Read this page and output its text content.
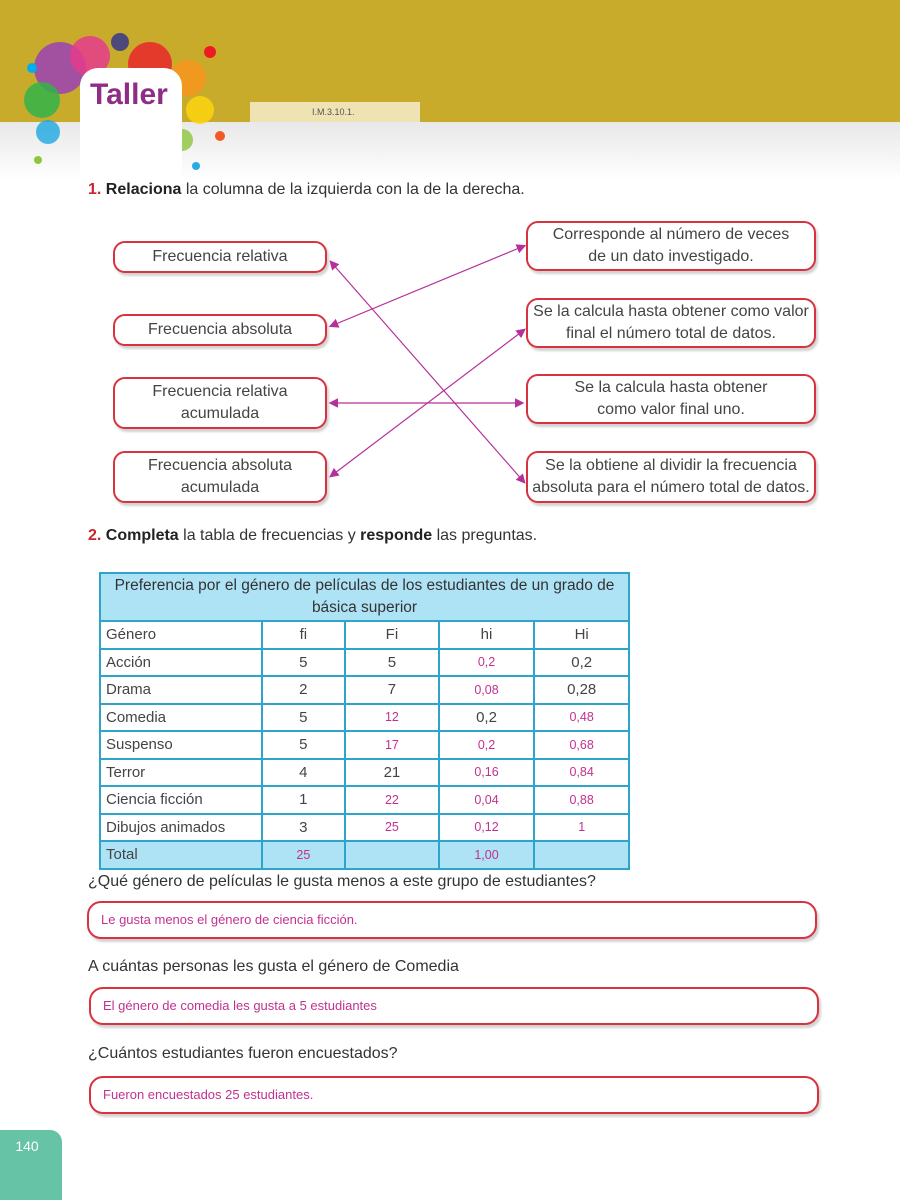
Taller
I.M.3.10.1.
1. Relaciona la columna de la izquierda con la de la derecha.
Frecuencia relativa
Frecuencia absoluta
Frecuencia relativa
acumulada
Frecuencia absoluta
acumulada
Corresponde al número de veces
de un dato investigado.
Se la calcula hasta obtener como valor
final el número total de datos.
Se la calcula hasta obtener
como valor final uno.
Se la obtiene al dividir la frecuencia
absoluta para el número total de datos.
2. Completa la tabla de frecuencias y responde las preguntas.
Preferencia por el género de películas de los estudiantes de un grado de básica superior				
Género	fi	Fi	hi	Hi
Acción	5	5	0,2	0,2
Drama	2	7	0,08	0,28
Comedia	5	12	0,2	0,48
Suspenso	5	17	0,2	0,68
Terror	4	21	0,16	0,84
Ciencia ficción	1	22	0,04	0,88
Dibujos animados	3	25	0,12	1
Total	25		1,00	
¿Qué género de películas le gusta menos a este grupo de estudiantes?
Le gusta menos el género de ciencia ficción.
A cuántas personas les gusta el género de Comedia
El género de comedia les gusta a 5 estudiantes
¿Cuántos estudiantes fueron encuestados?
Fueron encuestados 25 estudiantes.
140
